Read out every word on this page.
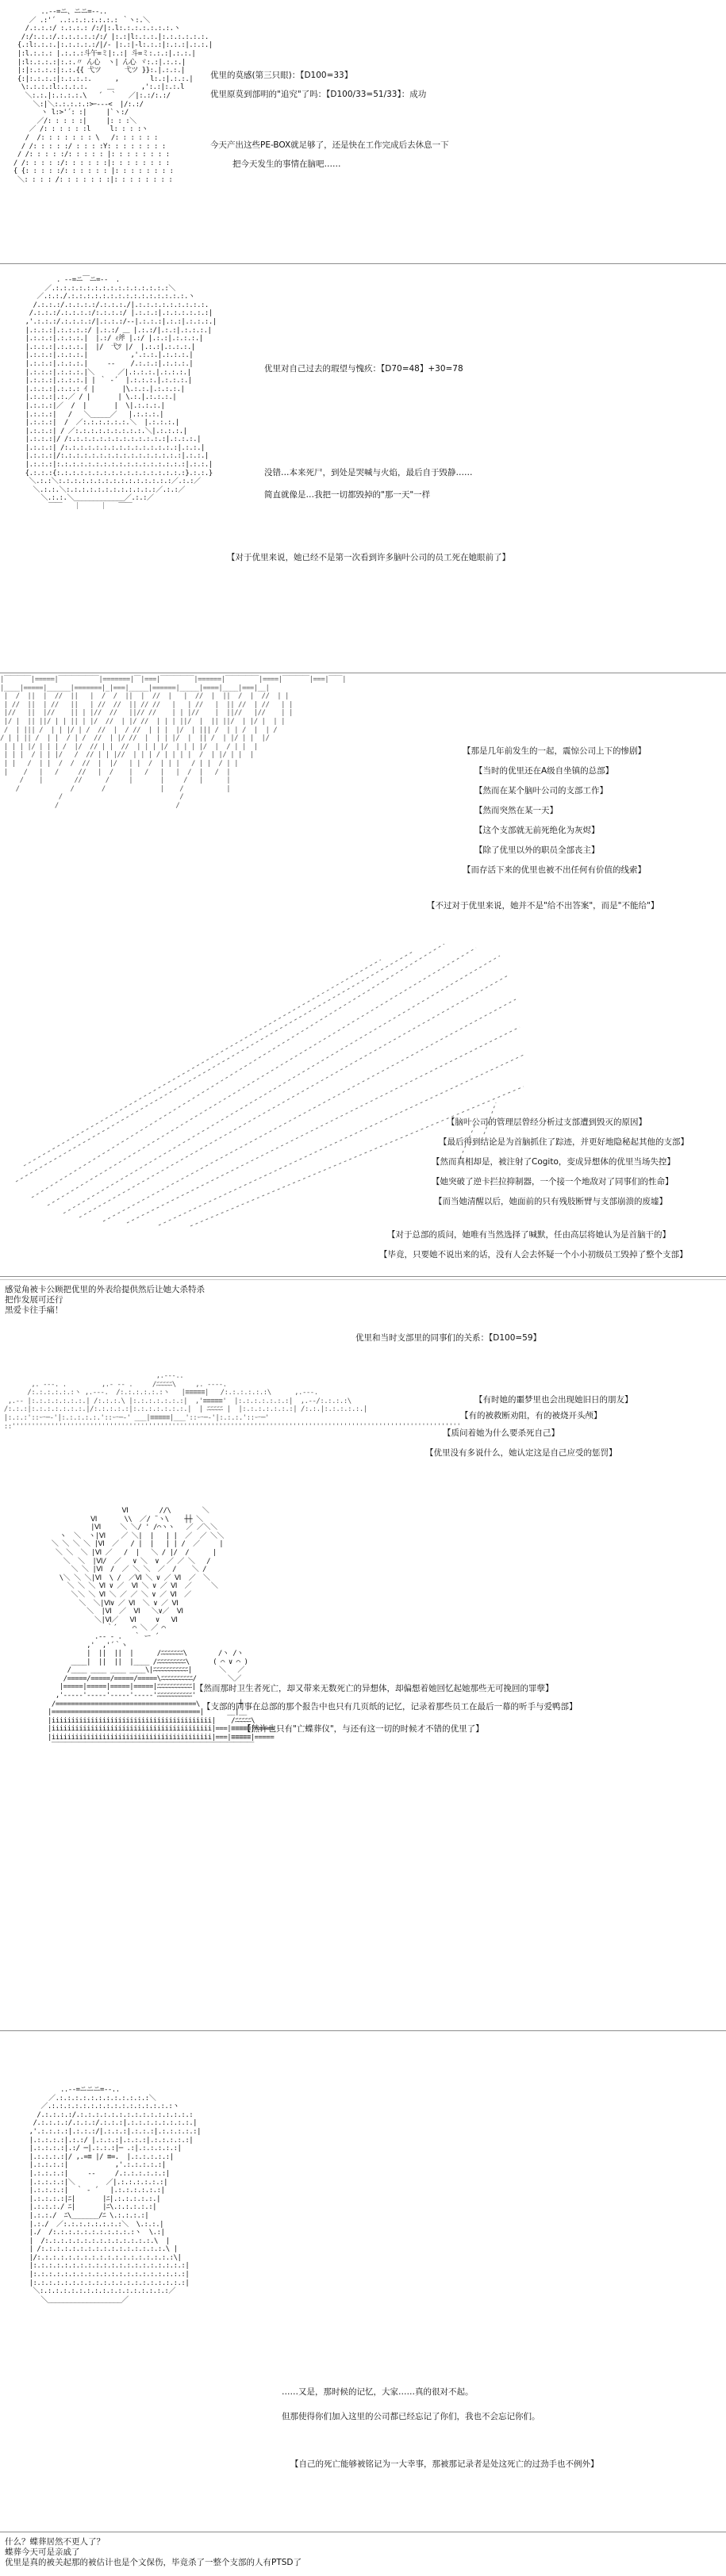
..-‐=ニ、ニニ=‐-..
／ .:'´ ..:.:.:.:.:.:.: ｀ヽ:.＼
/.:.:.:/ :.:.:.: /:/|:.l:.:.:.:.:.:.:.ヽ
/:/:.:.:/.:.:.:.:.:/:/ |:.:|l:.:.:.|:.:.:.:.:.:.
{.:l:.:.:.|:.:.:.:.:/|/‐ |:.:|‐l:.:.:|:.:.:|.:.:.|
|:l.:.:.: |.:.:.:斗午=ミ|:.:| 斗=ミ:.:.:|.:.:.|
|:l:.:.:.:|:.:.〃 ん心  ヽ| ん心 ヾ:.:|.:.:.|
|:|:.:.:.:|:.:.{{ 弋ツ      弋ツ }}:.|.:.:.|
{:|:.:.:.:|:.:.:.:.      ,        l:.:|.:.:.|
\:.:.:.:l:.:.:.:.     ＿       ,':.:|:.:.l
＼:.:.|:.:.:.:.\   ´  ｀   ／|:.:/:.:/
＼:|＼:.:.:.:.:>ｰ--‐<  |/:.:/
ヽ l:>'´: :|     |`ヽ:/
／/: : : : :|     |: : :＼
／ /: : : : : :l     l: : : :ヽ
/  /: : : : : : : \   /: : : : : :
/ /: : : : :/ : : : :Y: : : : : : : :
/ /: : : : :/: : : : : |: : : : : : : :
/ /: : : : :/: : : : : :|: : : : : : : :
{ {: : : : :/: : : : : : |: : : : : : : :
＼: : : : /: : : : : : :|: : : : : : : :

优里的莫感(第三只眼)：【D100=33】
优里原莫到部明的"追究"了吗：【D100/33=51/33】：成功
今天产出这些PE-BOX就足够了，还是快在工作完成后去休息一下
把今天发生的事情在脑吧……
. -‐=ニ￣ニ=‐-  .
／.:.:.:.:.:.:.:.:.:.:.:.:.:.:.:＼
／.:.:./.:.:.:.:.:.:.:.:.:.:.:.:.:.:.:.ヽ
/.:.:.:/.:.:.:.:/.:.:.:./|.:.:.:.:.:.:.:.:.:.
/.:.:.:/.:.:.:.:/:.:.:.:/ |.:.:.:|.:.:.:.:.:.:|
,'.:.:.:/.:.:.:.:/|.:.:.:/‐-|.:.:.:|.:.:|.:.:.:.|
|.:.:.:|.:.:.:.:/ |.:.:/ ＿ |.:.:/|.:.:|.:.:.:.|
|.:.:.:|.:.:.:.|  |.:/ ｨ斧 |.:/ |.:.:|.:.:.:.|
|.:.:.:|.:.:.:.|  |/  弋ﾂ |/  |.:.:|.:.:.:.|
|.:.:.:|.:.:.:.|           ,'.:.:.|.:.:.:.|
|.:.:.:|.:.:.:.|     -‐    /.:.:.:|.:.:.:.|
|.:.:.:|.:.:.:.|＼      ／|.:.:.:.|.:.:.:.|
|.:.:.:|.:.:.:.| | ｀ -´  |.:.:.:.|.:.:.:.|
|.:.:.:|.:.:.: ｲ |       |\.:.:.|.:.:.:.|
|.:.:.:|.:.／ / |       | \.:.|.:.:.:.|
|.:.:.:|／  /  |       |  \|.:.:.:.|
|.:.:.:|   /   ＼_____／   |.:.:.:.|
|.:.:.:|  /  ／:.:.:.:.:.:.＼  |.:.:.:.|
|.:.:.:| / ／:.:.:.:.:.:.:.:.:.＼|.:.:.:.|
|.:.:.:|/ /:.:.:.:.:.:.:.:.:.:.:.:.:|.:.:.:.|
|.:.:.:| /:.:.:.:.:.:.:.:.:.:.:.:.:.:.:|.:.:.|
|.:.:.:|/:.:.:.:.:.:.:.:.:.:.:.:.:.:.:.:|.:.:.|
|.:.:.:|:.:.:.:.:.:.:.:.:.:.:.:.:.:.:.:.:|.:.:.|
{.:.:.:{:.:.:.:.:.:.:.:.:.:.:.:.:.:.:.:.:}.:.:.}
＼.:.:＼:.:.:.:.:.:.:.:.:.:.:.:.:.:.:／.:.:／
＼.:.:.＼:.:.:.:.:.:.:.:.:.:.:.:／.:.:／
＼.:.:.＼_____________／.:.:／
￣￣   ｜     ｜   ￣￣

优里对自己过去的瑕望与愧疚：【D70=48】+30=78
没错…本来死尸，到处是哭喊与火焰，最后自于毁静……
简直就像是…我把一切都毁掉的"那一天"一样
【对于优里来说，她已经不是第一次看到许多脑叶公司的员工死在她眼前了】
|￣￣￣￣|=====|￣￣￣￣￣￣|=======|￣|===|￣￣￣￣￣|======|￣￣￣￣￣|====|￣￣￣￣|===|￣￣|
|____|=====|______|=======|_|===|_____|======|_____|====|____|===|__|
|  /  ||  |  //  ||   |  /  /  ||  |  //  |   |  //  |  ||  /  |  //  | |
| //  ||  | //   ||   | //  //  || // //   |   | //   |  || //  | //   | |
|//   ||  |//    || | |//  //   ||// //    | | |//    |  ||//   |//    | |
|/ |  || ||/ | | || | |/  //  | |/ //  | | | ||/  |  || ||/  | |/ |  | |
/  | ||| /  | | |/ | /  //  |  / //  | | |  |/  | ||| /  | | /  |  | /
/ | | || /  | |  / | /  //  | |/ //  |  | | |/  |  || /  | |/ | |  |/
| | | |/ | | | /  |/  // | |  //  | | | |/  | | | |/  |  / | |  |
| | |  / | | |/   /  // | | |//  | | | / | | | |  /  | |/ | |  |
| |   /  | |  /  /  //  |  |/   | |  /  | | |   / | |  / | |
|    /   |   /     //   |  /    |   /   |   |  /  |   /  |
/    |        //      /     |       |     /   |      |
/             /       /              |    /           |
/                              /
/                              /

【那是几年前发生的一起，震惊公司上下的惨剧】
【当时的优里还在A级自坐镇的总部】
【然而在某个脑叶公司的支部工作】
【然而突然在某一天】
【这个支部就无前死绝化为灰烬】
【除了优里以外的职员全部丧主】
【而存活下来的优里也被不出任何有价值的线索】
【不过对于优里来说，她并不是"给不出答案"，而是"不能给"】
【脑叶公司的管理层曾经分析过支部遭到毁灭的原因】
【最后得到结论是为首脑抓住了踪迹，并更好地隐秘起其他的支部】
【然而真相却是，被注射了Cogito，变成异想体的优里当场失控】
【她突破了逆卡拦拉抑制器，一个接一个地敌对了同事们的性命】
【而当她清醒以后，她面前的只有残肢断臂与支部崩溃的废墟】
【对于总部的质问，她唯有当然选择了喊默，任由高层将她认为是首脑干的】
【毕竟，只要她不说出来的话，没有人会去怀疑一个小小初级员工毁掉了整个支部】
感觉角被卡公顾把优里的外表给提供然后让她大杀特杀
把作发展可还行
黑爱卡往手痛！
优里和当时支部里的同事们的关系：【D100=59】
,.-‐-..
,. -‐-. .         ,.- ‐- .     /ﾆﾆﾆﾆﾆ\     ,. -‐‐-.
/:.:.:.:.:.:ヽ ,.-‐-.  /:.:.:.:.:.:ヽ   |≡≡≡≡≡|   /:.:.:.:.:.:\      ,.-‐-.
,.-‐ |:.:.:.:.:.:.:.| /:.:.:.\ |:.:.:.:.:.:.:|  ,'≡≡≡≡≡'  |:.:.:.:.:.:.:|  ,.-‐/:.:.:.:\
/:.:.:|:.:.:.:.:.:.:.|/:.:.:.:.:|:.:.:.:.:.:.:.|  | ﾆﾆﾆﾆﾆ |  |:.:.:.:.:.:.:| /:.:.|:.:.:.:.:.|
|:.:.:'::ー─‐'|:.:.:.:.:.'::ー─‐' ___|≡≡≡≡≡|___'::ー─‐'|:.:.:.'::ー─'
::'''''''''''''''''''''''''''''''''''''''''''''''''''''''''''''''''''''''''''''''''''''''''''''''''''''''''''''''''''

【有时她的噩梦里也会出现她旧日的朋友】
【有的被救断劝阻，有的被烧开头颅】
【质问着她为什么要杀死自己】
【优里没有多说什么，她认定这是自己应受的惩罚】
Ⅵ        //\        ＼
Ⅵ       \\  ／/ ¨ヽ\    ┼┼ ＼
|Ⅵ     ＼ ＼/ ' /⌒ヽヽ   ／ ／＼＼
ヽ  ＼  ヽ|Ⅵ    ／ ＼|  |   | |  ／  ／ ＼＼
＼ ＼ ＼ ＼ |Ⅵ  ／   / |  |   | | /  ／     |
＼ ＼  ＼ |Ⅵ ／   /  |   ＼ / |/  /      |
＼  ＼  |Ⅵ/  ／   ∨ ＼  ∨  ／ ／ ＼   /
＼ ＼ |Ⅵ  /  ／ ＼ ＼  ／  /    ＼ /
\＼ ＼ ＼|Ⅵ  \ /  ／Ⅵ ＼ ∨ ／ Ⅵ  ／  ＼
＼ ＼ ＼ Ⅵ ∨ ／  Ⅵ ＼ ∨ ／ Ⅵ  ／     ＼
＼＼ ＼ Ⅵ ＼ ／ ／ ＼ ∨ ／ Ⅵ  ／
＼  ＼|Ⅵ∨ ／ Ⅵ  ＼ ∨ ／ Ⅵ
＼  |Ⅵ  ／  Ⅵ   ＼∨／  Ⅵ
＼|Ⅵ／   Ⅵ     ∨   Ⅵ
｀´    ⌒ ＼ ／ ⌒
.-‐ - .   ｀ ー ´
,'  ,'´｀ヽ
|  ||  ||  |      /ﾆﾆﾆﾆﾆﾆﾆ\        /ヽ /ヽ
____|  ||  ||  |____ /ﾆﾆﾆﾆﾆﾆﾆﾆﾆ\      ( ⌒ ∨ ⌒ )
/____ ____ ____ ____\|ﾆﾆﾆﾆﾆﾆﾆﾆﾆﾆﾆ|       ＼   ／
/=====/=====/=====/=====\ﾆﾆﾆﾆﾆﾆﾆﾆﾆﾆ/        ＼／
|=====|=====|=====|=====|ﾆﾆﾆﾆﾆﾆﾆﾆﾆﾆﾆ|
,'-----'-----'-----'-----'ﾆﾆﾆﾆﾆﾆﾆﾆﾆﾆﾆ'
/====================================\          ┼
|======================================|      __|__
|iiiiiiiiiiiiiiiiiiiiiiiiiiiiiiiiiiiiiiiii|    /ﾆﾆﾆﾆﾆ\
|iiiiiiiiiiiiiiiiiiiiiiiiiiiiiiiiiiiiiiiii|===|≡≡≡≡≡|=====
|iiiiiiiiiiiiiiiiiiiiiiiiiiiiiiiiiiiiiiiii|===|≡≡≡≡≡|=====
￣￣￣￣￣￣￣￣￣￣￣￣￣￣￣￣￣￣￣￣￣￣￣￣￣￣￣￣￣￣

【然而那时卫生者死亡，却又带来无数死亡的异想体，却偏想着她回忆起她那些无可挽回的罪孽】
【支部的同事在总部的那个报告中也只有几页纸的记忆，记录着那些员工在最后一幕的听手与爱鸭部】
【然许也只有"亡蝶葬仪"，与还有这一切的时候才不错的优里了】
..-‐=ニニニ=‐-..
／.:.:.:.:.:.:.:.:.:.:.:.:＼
／.:.:.:.:.:.:.:.:.:.:.:.:.:.:.:.:ヽ
/.:.:.:.:/.:.:.:.:.:.:.:.:.:.:.:.:.:.:.:
/.:.:.:.:/.:.:.:/.:.:.:|.:.:.:.:.:.:.:.:.|
,'.:.:.:.:|.:.:.:/|.:.:.:|.:.:.:|.:.:.:.:.:|
|.:.:.:.:|.:.:/ |.:.:.:|.:.:.:|.:.:.:.:.:|
|.:.:.:.:|.:/ ─|.:.:.:|─ .:|.:.:.:.:.:|
|.:.:.:.:|/ ,.=≡ |/ ≡=.  |.:.:.:.:.:|
|.:.:.:.:|            ,'.:.:.:.:.:|
|.:.:.:.:|     ‐‐     /.:.:.:.:.:.:|
|.:.:.:.:|＼        ／|.:.:.:.:.:.:|
|.:.:.:.:|  ｀ ‐ ´   |.:.:.:.:.:.:|
|.:.:.:.:|ﾆ|       |ﾆ|.:.:.:.:.:.|
|.:.:.:./ ﾆ|       |ﾆ\.:.:.:.:.:|
|.:.:./  ﾆ\_______/ﾆ \.:.:.:.:|
|.:./  ／:.:.:.:.:.:.:.:＼  \.:.:.|
|./  /:.:.:.:.:.:.:.:.:.:.:ヽ  \.:|
|  /:.:.:.:.:.:.:.:.:.:.:.:.:.:.\  |
| /:.:.:.:.:.:.:.:.:.:.:.:.:.:.:.:.\ |
|/:.:.:.:.:.:.:.:.:.:.:.:.:.:.:.:.:.:\|
|:.:.:.:.:.:.:.:.:.:.:.:.:.:.:.:.:.:.:.:|
|:.:.:.:.:.:.:.:.:.:.:.:.:.:.:.:.:.:.:.:|
|:.:.:.:.:.:.:.:.:.:.:.:.:.:.:.:.:.:.:.:|
＼:.:.:.:.:.:.:.:.:.:.:.:.:.:.:.:.:／
＼___________________／

……又是，那时候的记忆，大家……真的很对不起。
但那使得你们加入这里的公司都已经忘记了你们，我也不会忘记你们。
【自己的死亡能够被铭记为一大幸事，那被那记录者是处这死亡的过劲手也不例外】
什么？蝶葬居然不更人了？
蝶葬今天可是亲戚了
优里是真的被关起那的被估计也是个文保伤，毕竟杀了一整个支部的人有PTSD了
